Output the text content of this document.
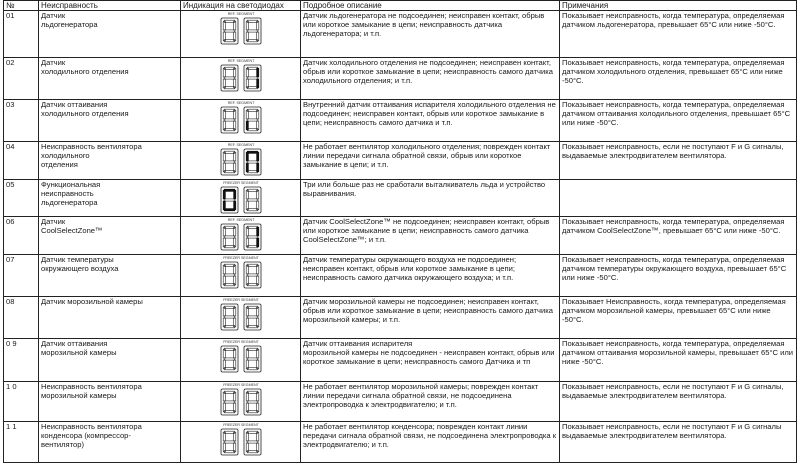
№	Неисправность	Индикация на светодиодах	Подробное описание	Примечания
01	Датчик
льдогенератора	REF. SEGMENT	Датчик льдогенератора не подсоединен; неисправен контакт, обрыв или короткое замыкание в цепи; неисправность датчика льдогенератора; и т.п.	Показывает неисправность, когда температура, определяемая датчиком льдогенератора, превышает 65°C или ниже -50°C.
02	Датчик
холодильного отделения	REF. SEGMENT	Датчик холодильного отделения не подсоединен; неисправен контакт, обрыв или короткое замыкание в цепи; неисправность самого датчика холодильного отделения; и т.п.	Показывает неисправность, когда температура, определяемая датчиком холодильного отделения, превышает 65°C или ниже -50°C.
03	Датчик оттаивания
холодильного отделения	REF. SEGMENT	Внутренний датчик оттаивания испарителя холодильного отделения не подсоединен; неисправен контакт, обрыв или короткое замыкание в цепи; неисправность самого датчика и т.п.	Показывает неисправность, когда температура, определяемая датчиком оттаивания холодильного отделения, превышает 65°C или ниже -50°C.
04	Неисправность вентилятора
холодильного
отделения	REF. SEGMENT	Не работает вентилятор холодильного отделения; поврежден контакт линии передачи сигнала обратной связи, обрыв или короткое замыкание в цепи; и т.п.	Показывает неисправность, если не поступают F и G сигналы, выдаваемые электродвигателем вентилятора.
05	Функциональная
неисправность
льдогенератора	FREEZER SEGMENT	Три или больше раз не сработали выталкиватель льда и устройство выравнивания.	
06	Датчик
CoolSelectZone™	REF. SEGMENT	Датчик CoolSelectZone™ не подсоединен; неисправен контакт, обрыв или короткое замыкание в цепи; неисправность самого датчика CoolSelectZone™; и т.п.	Показывает неисправность, когда температура, определяемая датчиком CoolSelectZone™, превышает 65°C или ниже -50°C.
07	Датчик температуры
окружающего воздуха	FREEZER SEGMENT	Датчик температуры окружающего воздуха не подсоединен; неисправен контакт, обрыв или короткое замыкание в цепи; неисправность самого датчика окружающего воздуха; и т.п.	Показывает неисправность, когда температура, определяемая датчиком температуры окружающего воздуха, превышает 65°C или ниже -50°C.
08	Датчик морозильной камеры	FREEZER SEGMENT	Датчик морозильной камеры не подсоединен; неисправен контакт, обрыв или короткое замыкание в цепи; неисправность самого датчика морозильной камеры; и т.п.	Показывает Неисправность, когда температура, определяемая датчиком морозильной камеры, превышает 65°C или ниже -50°C.
0 9	Датчик оттаивания
морозильной камеры	FREEZER SEGMENT	Датчик оттаивания испарителя
морозильной камеры не подсоединен - неисправен контакт, обрыв или короткое замыкание в цепи; неисправность самого Датчика и тп	Показывает неисправность, когда температура, определяемая датчиком оттаивания морозильной камеры, превышает 65°C или ниже -50°C.
1 0	Неисправность вентилятора
морозильной камеры	FREEZER SEGMENT	Не работает вентилятор морозильной камеры; поврежден контакт линии передачи сигнала обратной связи, не подсоединена электропроводка к электродвигателю; и т.п.	Показывает неисправность, если не поступают F и G сигналы, выдаваемые электродвигателем вентилятора.
1 1	Неисправность вентилятора
конденсора (компрессор-
вентилятор)	FREEZER SEGMENT	Не работает вентилятор конденсора; поврежден контакт линии передачи сигнала обратной связи, не подсоединена электропроводка к электродвигателю; и т.п.	Показывает неисправность, если не поступают F и G сигналы выдаваемые электродвигателем вентилятора.
